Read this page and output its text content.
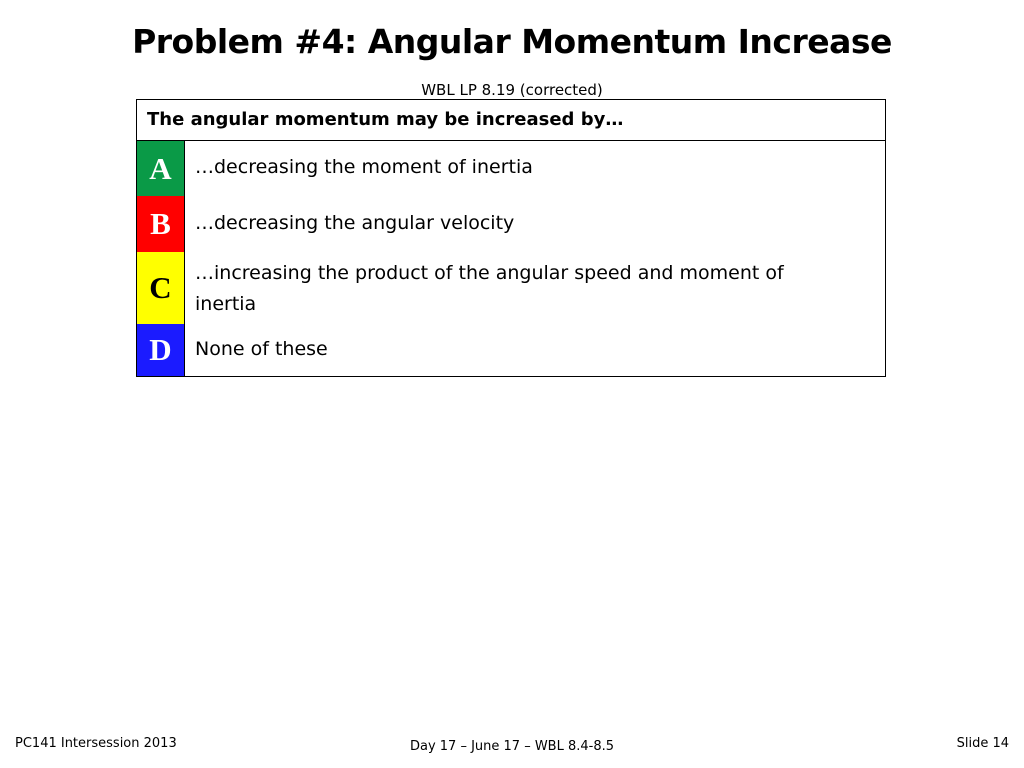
Problem #4: Angular Momentum Increase
WBL LP 8.19 (corrected)
The angular momentum may be increased by…
A	…decreasing the moment of inertia
B	…decreasing the angular velocity
C	…increasing the product of the angular speed and moment of inertia
D	None of these
PC141 Intersession 2013	Day 17 – June 17 – WBL 8.4-8.5	Slide 14
